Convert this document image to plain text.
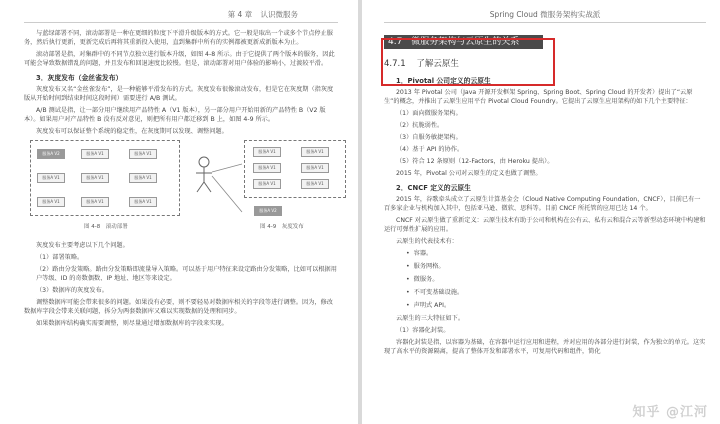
第 4 章 认识微服务

与蓝绿部署不同，滚动部署是一种在更细的粒度下平滑升级版本的方式。它一般是取出一个或多个节点停止服务，然后执行更新，更新完成后再将其重新投入使用，直到集群中所有的实例都被更新成新版本为止。

滚动部署是指，对集群中的不同节点独立进行版本升级，如图 4-8 所示。由于它提供了两个版本的服务，因此可能会导致数据错乱的问题，并且发布和回退速度比较慢。但是，滚动部署对用户体验的影响小，过渡较平滑。

3．灰度发布（金丝雀发布）

灰度发布又名“金丝雀发布”，是一种能够平滑发布的方式。灰度发布很像滚动发布，但是它在灰度期（指灰度版从开始时间到结束时间这段时间）需要进行 A/B 测试。

A/B 测试是指，让一部分用户继续用产品特性 A（V1 版本），另一部分用户开始用新的产品特性 B（V2 版本）。如果用户对产品特性 B 没有反对意见，则把所有用户都迁移到 B 上，如图 4-9 所示。

灰度发布可以保证整个系统的稳定性，在灰度期可以发现、调整问题。

服务A V2	服务A V1	服务A V1
服务A V1	服务A V1	服务A V1
服务A V1	服务A V1	服务A V1
图 4-8　滚动部署
服务A V1	服务A V1
服务A V1	服务A V1
服务A V1	服务A V1
服务A V2
图 4-9　灰度发布

灰度发布主要考虑以下几个问题。

（1）部署策略。
（2）路由分发策略。路由分发策略即流量导入策略。可以基于用户特征来设定路由分发策略，比如可以根据用户等级、ID 的奇数偶数、IP 地址、地区等来设定。
（3）数据库的灰度发布。

调整数据库可能会带来很多的问题。如果没有必要，则不要轻易对数据库相关的字段等进行调整。因为，修改数据库字段会带来关联问题，拆分为两套数据库又难以实现数据的处理和同步。

如果数据库结构确实需要调整，则尽量通过增加数据库的字段来实现。

Spring Cloud 微服务架构实战派
4.7 微服务架构与云原生的关系
4.7.1 了解云原生
1．Pivotal 公司定义的云原生

2013 年 Pivotal 公司（Java 开源开发框架 Spring、Spring Boot、Spring Cloud 的开发者）提出了“云原生”的概念，并推出了云原生应用平台 Pivotal Cloud Foundry。它提出了云原生应用架构的如下几个主要特征：

（1）面向微服务架构。
（2）抗脆弱性。
（3）自服务敏捷架构。
（4）基于 API 的协作。
（5）符合 12 条原则（12-Factors，由 Heroku 提出）。

2015 年，Pivotal 公司对云原生的定义也做了调整。

2．CNCF 定义的云原生

2015 年，谷歌牵头成立了云原生计算基金会（Cloud Native Computing Foundation，CNCF），目前已有一百多家企业与机构加入其中，包括亚马逊、微软、思科等。目前 CNCF 所托管的应用已达 14 个。

CNCF 对云原生做了重新定义：云原生技术有助于公司和机构在公有云、私有云和混合云等新型动态环境中构建和运行可弹性扩展的应用。

云原生的代表技术有：

• 容器。
• 服务网格。
• 微服务。
• 不可变基础设施。
• 声明式 API。

云原生的三大特征如下。

（1）容器化封装。

容器化封装是指，以容器为基础，在容器中运行应用和进程，并对应用的各部分进行封装，作为独立的单元。这实现了高水平的资源隔离，提高了整体开发和部署水平，可复用代码和组件，简化

知乎 @江河
